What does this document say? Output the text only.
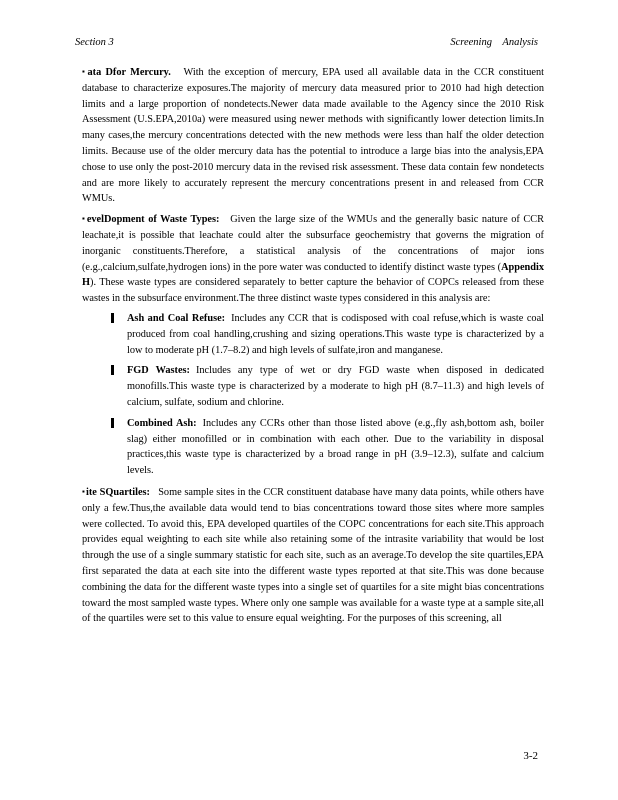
Section 3	Screening Analysis

▪ata Dfor Mercury. With the exception of mercury, EPA used all available data in the CCR constituent database to characterize exposures.The majority of mercury data measured prior to 2010 had high detection limits and a large proportion of nondetects.Newer data made available to the Agency since the 2010 Risk Assessment (U.S.EPA,2010a) were measured using newer methods with significantly lower detection limits.In many cases,the mercury concentrations detected with the new methods were less than half the older detection limits. Because use of the older mercury data has the potential to introduce a large bias into the analysis,EPA chose to use only the post-2010 mercury data in the revised risk assessment. These data contain few nondetects and are more likely to accurately represent the mercury concentrations present in and released from CCR WMUs.

▪evelDopment of Waste Types: Given the large size of the WMUs and the generally basic nature of CCR leachate,it is possible that leachate could alter the subsurface geochemistry that governs the migration of inorganic constituents.Therefore, a statistical analysis of the concentrations of major ions (e.g.,calcium,sulfate,hydrogen ions) in the pore water was conducted to identify distinct waste types (Appendix H). These waste types are considered separately to better capture the behavior of COPCs released from these wastes in the subsurface environment.The three distinct waste types considered in this analysis are:

Ash and Coal Refuse: Includes any CCR that is codisposed with coal refuse,which is waste coal produced from coal handling,crushing and sizing operations.This waste type is characterized by a low to moderate pH (1.7–8.2) and high levels of sulfate,iron and manganese.
FGD Wastes: Includes any type of wet or dry FGD waste when disposed in dedicated monofills.This waste type is characterized by a moderate to high pH (8.7–11.3) and high levels of calcium, sulfate, sodium and chlorine.
Combined Ash: Includes any CCRs other than those listed above (e.g.,fly ash,bottom ash, boiler slag) either monofilled or in combination with each other. Due to the variability in disposal practices,this waste type is characterized by a broad range in pH (3.9–12.3), sulfate and calcium levels.

▪ite SQuartiles: Some sample sites in the CCR constituent database have many data points, while others have only a few.Thus,the available data would tend to bias concentrations toward those sites where more samples were collected. To avoid this, EPA developed quartiles of the COPC concentrations for each site.This approach provides equal weighting to each site while also retaining some of the intrasite variability that would be lost through the use of a single summary statistic for each site, such as an average.To develop the site quartiles,EPA first separated the data at each site into the different waste types reported at that site.This was done because combining the data for the different waste types into a single set of quartiles for a site might bias concentrations toward the most sampled waste types. Where only one sample was available for a waste type at a sample site,all of the quartiles were set to this value to ensure equal weighting. For the purposes of this screening, all

3-2
